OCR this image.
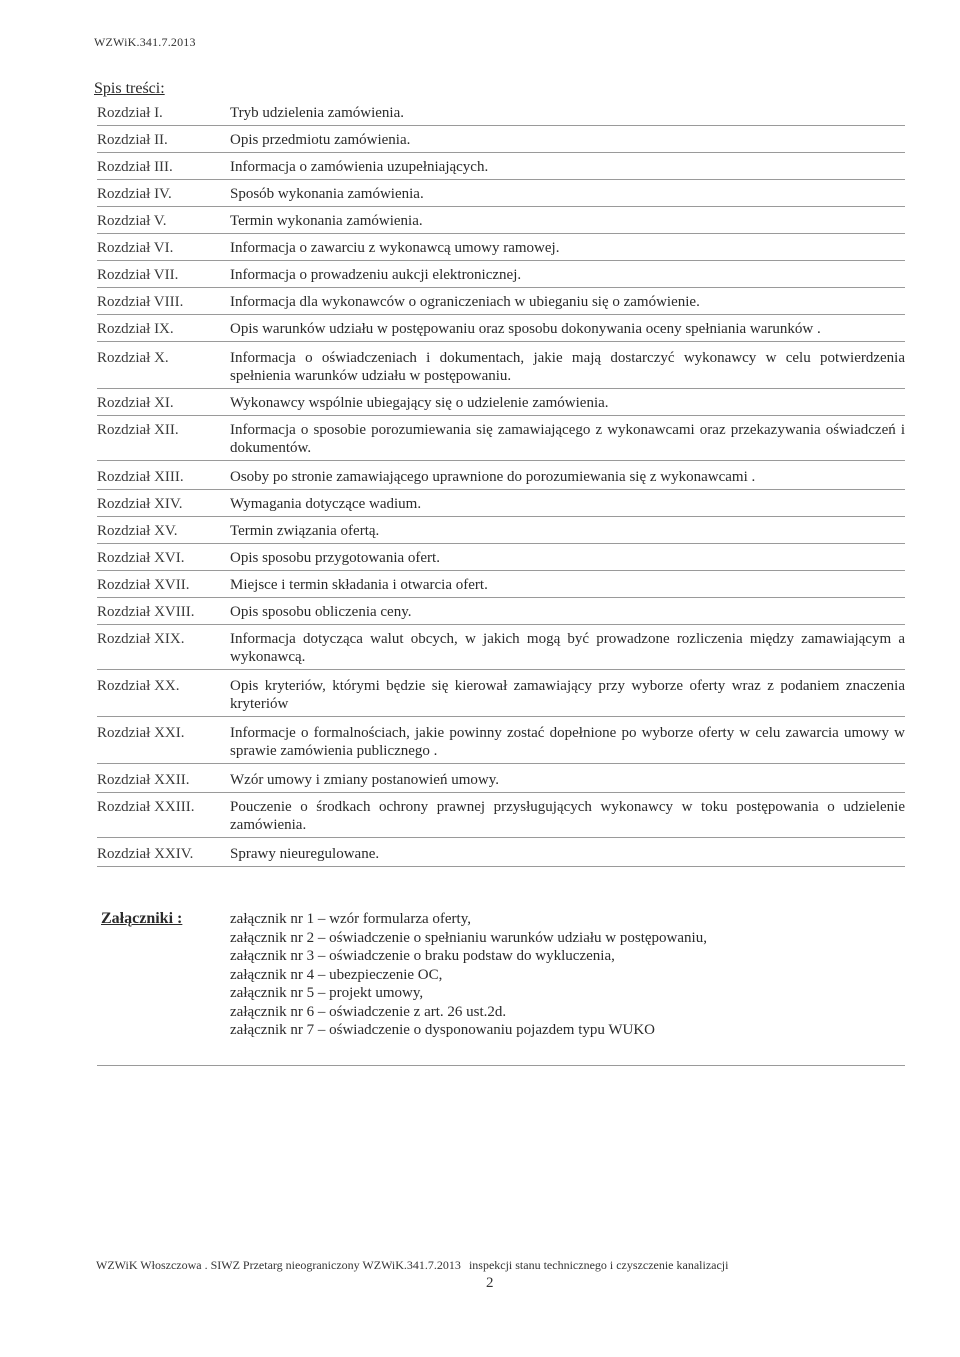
WZWiK.341.7.2013
Spis treści:
Rozdział I.	Tryb udzielenia zamówienia.
Rozdział II.	Opis przedmiotu zamówienia.
Rozdział III.	Informacja o zamówienia uzupełniających.
Rozdział IV.	Sposób wykonania zamówienia.
Rozdział V.	Termin wykonania zamówienia.
Rozdział VI.	Informacja o zawarciu z wykonawcą umowy ramowej.
Rozdział VII.	Informacja o prowadzeniu aukcji elektronicznej.
Rozdział VIII.	Informacja dla wykonawców o ograniczeniach w ubieganiu się o zamówienie.
Rozdział IX.	Opis warunków udziału w postępowaniu oraz sposobu dokonywania oceny spełniania warunków .
Rozdział X.	Informacja o oświadczeniach i dokumentach, jakie mają dostarczyć wykonawcy w celu potwierdzenia spełnienia warunków udziału w postępowaniu.
Rozdział XI.	Wykonawcy wspólnie ubiegający się o udzielenie zamówienia.
Rozdział XII.	Informacja o sposobie porozumiewania się zamawiającego z wykonawcami oraz przekazywania oświadczeń i dokumentów.
Rozdział XIII.	Osoby po stronie zamawiającego uprawnione do porozumiewania się z wykonawcami .
Rozdział XIV.	Wymagania dotyczące wadium.
Rozdział XV.	Termin związania ofertą.
Rozdział XVI.	Opis sposobu przygotowania ofert.
Rozdział XVII.	Miejsce i termin składania i otwarcia ofert.
Rozdział XVIII.	Opis sposobu obliczenia ceny.
Rozdział XIX.	Informacja dotycząca walut obcych, w jakich mogą być prowadzone rozliczenia między zamawiającym a wykonawcą.
Rozdział XX.	Opis kryteriów, którymi będzie się kierował zamawiający przy wyborze oferty wraz z podaniem znaczenia kryteriów
Rozdział XXI.	Informacje o formalnościach, jakie powinny zostać dopełnione po wyborze oferty w celu zawarcia umowy w sprawie zamówienia publicznego .
Rozdział XXII.	Wzór umowy i zmiany postanowień umowy.
Rozdział XXIII.	Pouczenie o środkach ochrony prawnej przysługujących wykonawcy w toku postępowania o udzielenie zamówienia.
Rozdział XXIV.	Sprawy nieuregulowane.
Załączniki :	załącznik nr 1 – wzór formularza oferty,
załącznik nr 2 – oświadczenie o spełnianiu warunków udziału w postępowaniu,
załącznik nr 3 – oświadczenie o braku podstaw do wykluczenia,
załącznik nr 4 – ubezpieczenie OC,
załącznik nr 5 – projekt umowy,
załącznik nr 6 – oświadczenie z art. 26 ust.2d.
załącznik nr 7 – oświadczenie o dysponowaniu pojazdem typu WUKO
WZWiK Włoszczowa . SIWZ Przetarg nieograniczony WZWiK.341.7.2013 inspekcji stanu technicznego i czyszczenie kanalizacji
2
